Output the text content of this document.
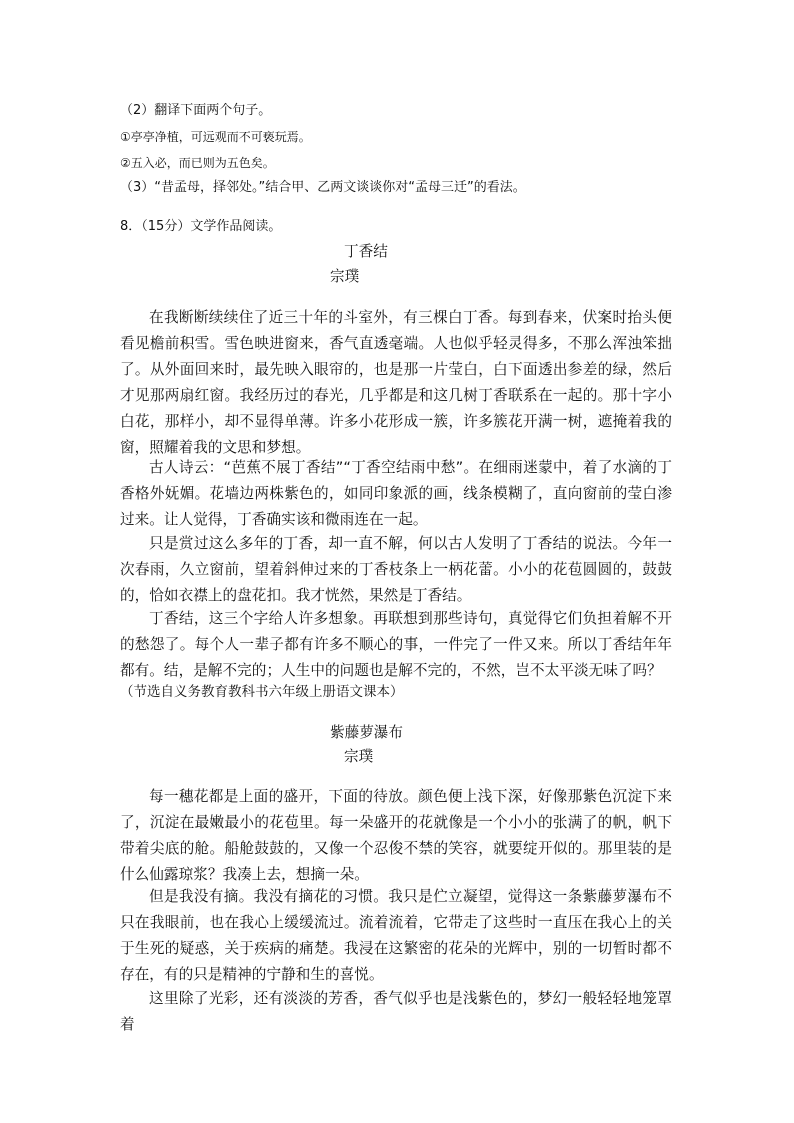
（2）翻译下面两个句子。
①亭亭净植，可远观而不可亵玩焉。
②五入必，而已则为五色矣。
（3）“昔孟母，择邻处。”结合甲、乙两文谈谈你对“孟母三迁”的看法。
8．（15分）文学作品阅读。
丁香结
宗璞
在我断断续续住了近三十年的斗室外，有三棵白丁香。每到春来，伏案时抬头便看见檐前积雪。雪色映进窗来，香气直透毫端。人也似乎轻灵得多，不那么浑浊笨拙了。从外面回来时，最先映入眼帘的，也是那一片莹白，白下面透出参差的绿，然后才见那两扇红窗。我经历过的春光，几乎都是和这几树丁香联系在一起的。那十字小白花，那样小，却不显得单薄。许多小花形成一簇，许多簇花开满一树，遮掩着我的窗，照耀着我的文思和梦想。
古人诗云：“芭蕉不展丁香结”“丁香空结雨中愁”。在细雨迷蒙中，着了水滴的丁香格外妩媚。花墙边两株紫色的，如同印象派的画，线条模糊了，直向窗前的莹白渗过来。让人觉得，丁香确实该和微雨连在一起。
只是赏过这么多年的丁香，却一直不解，何以古人发明了丁香结的说法。今年一次春雨，久立窗前，望着斜伸过来的丁香枝条上一柄花蕾。小小的花苞圆圆的，鼓鼓的，恰如衣襟上的盘花扣。我才恍然，果然是丁香结。
丁香结，这三个字给人许多想象。再联想到那些诗句，真觉得它们负担着解不开的愁怨了。每个人一辈子都有许多不顺心的事，一件完了一件又来。所以丁香结年年都有。结，是解不完的；人生中的问题也是解不完的，不然，岂不太平淡无味了吗？
（节选自义务教育教科书六年级上册语文课本）
紫藤萝瀑布
宗璞
每一穗花都是上面的盛开，下面的待放。颜色便上浅下深，好像那紫色沉淀下来了，沉淀在最嫩最小的花苞里。每一朵盛开的花就像是一个小小的张满了的帆，帆下带着尖底的舱。船舱鼓鼓的，又像一个忍俊不禁的笑容，就要绽开似的。那里装的是什么仙露琼浆？我凑上去，想摘一朵。
但是我没有摘。我没有摘花的习惯。我只是伫立凝望，觉得这一条紫藤萝瀑布不只在我眼前，也在我心上缓缓流过。流着流着，它带走了这些时一直压在我心上的关于生死的疑惑，关于疾病的痛楚。我浸在这繁密的花朵的光辉中，别的一切暂时都不存在，有的只是精神的宁静和生的喜悦。
这里除了光彩，还有淡淡的芳香，香气似乎也是浅紫色的，梦幻一般轻轻地笼罩着
